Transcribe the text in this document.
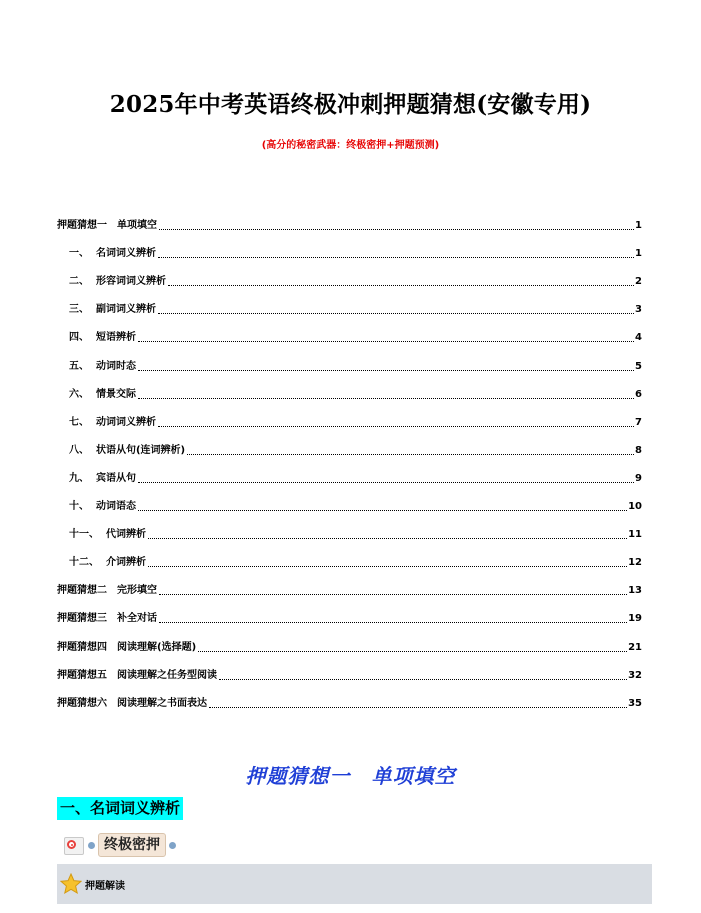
2025年中考英语终极冲刺押题猜想(安徽专用)
(高分的秘密武器：终极密押+押题预测)
押题猜想一　单项填空	1
一、 名词词义辨析	1
二、 形容词词义辨析	2
三、 副词词义辨析	3
四、 短语辨析	4
五、 动词时态	5
六、 情景交际	6
七、 动词词义辨析	7
八、 状语从句(连词辨析)	8
九、 宾语从句	9
十、 动词语态	10
十一、 代词辨析	11
十二、 介词辨析	12
押题猜想二　完形填空	13
押题猜想三　补全对话	19
押题猜想四　阅读理解(选择题)	21
押题猜想五　阅读理解之任务型阅读	32
押题猜想六　阅读理解之书面表达	35
押题猜想一　单项填空
一、名词词义辨析
终极密押
押题解读
